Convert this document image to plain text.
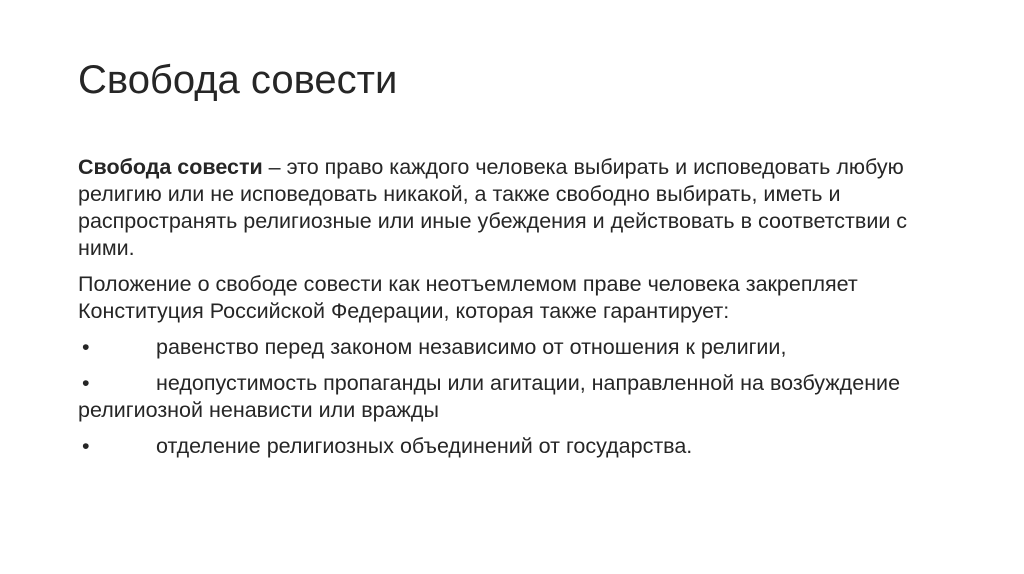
Свобода совести

Свобода совести – это право каждого человека выбирать и исповедовать любую религию или не исповедовать никакой, а также свободно выбирать, иметь и распространять религиозные или иные убеждения и действовать в соответствии с ними.

Положение о свободе совести как неотъемлемом праве человека закрепляет Конституция Российской Федерации, которая также гарантирует:

•	равенство перед законом независимо от отношения к религии,

•	недопустимость пропаганды или агитации, направленной на возбуждение религиозной ненависти или вражды

•	отделение религиозных объединений от государства.
